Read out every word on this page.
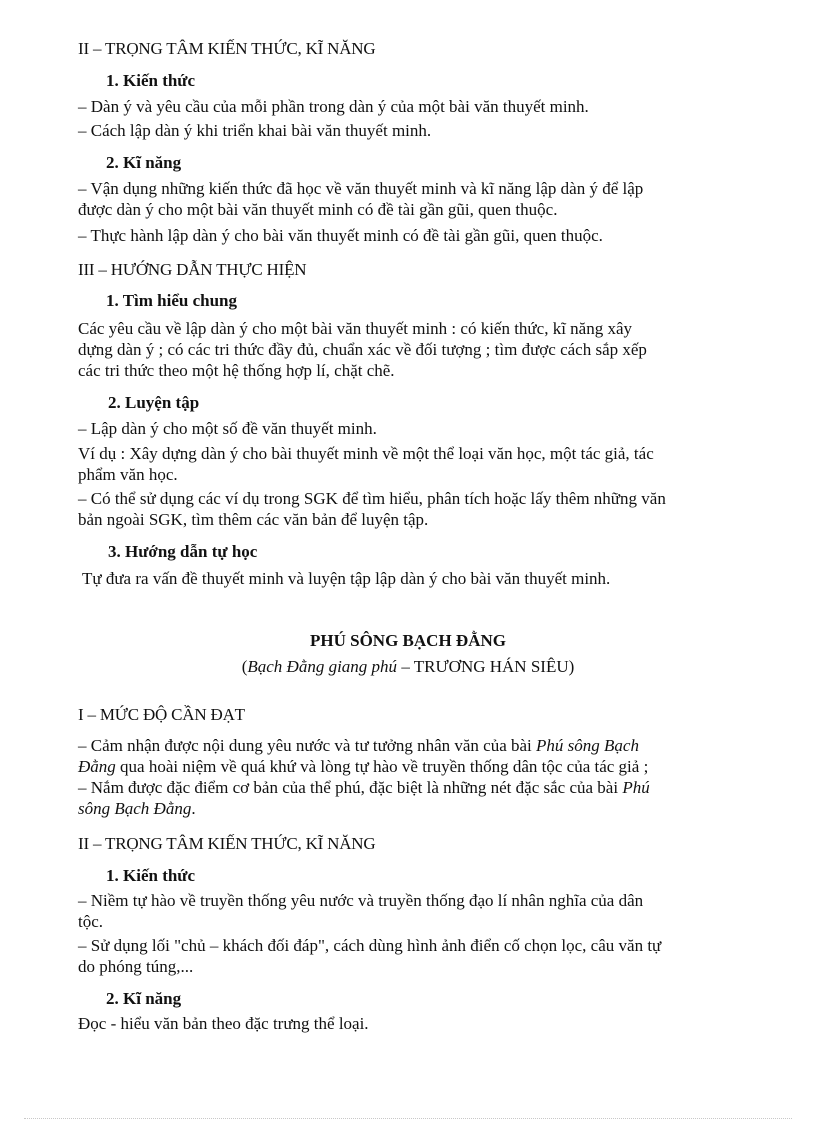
II – TRỌNG TÂM KIẾN THỨC, KĨ NĂNG
1. Kiến thức
– Dàn ý và yêu cầu của mỗi phần trong dàn ý của một bài văn thuyết minh.
– Cách lập dàn ý khi triển khai bài văn thuyết minh.
2. Kĩ năng
– Vận dụng những kiến thức đã học về văn thuyết minh và kĩ năng lập dàn ý để lập
được dàn ý cho một bài văn thuyết minh có đề tài gần gũi, quen thuộc.
– Thực hành lập dàn ý cho bài văn thuyết minh có đề tài gần gũi, quen thuộc.
III – HƯỚNG DẪN THỰC HIỆN
1. Tìm hiểu chung
Các yêu cầu về lập dàn ý cho một bài văn thuyết minh : có kiến thức, kĩ năng xây
dựng dàn ý ; có các tri thức đầy đủ, chuẩn xác về đối tượng ; tìm được cách sắp xếp
các tri thức theo một hệ thống hợp lí, chặt chẽ.
2. Luyện tập
– Lập dàn ý cho một số đề văn thuyết minh.
Ví dụ : Xây dựng dàn ý cho bài thuyết minh về một thể loại văn học, một tác giả, tác
phẩm văn học.
– Có thể sử dụng các ví dụ trong SGK để tìm hiểu, phân tích hoặc lấy thêm những văn
bản ngoài SGK, tìm thêm các văn bản để luyện tập.
3. Hướng dẫn tự học
Tự đưa ra vấn đề thuyết minh và luyện tập lập dàn ý cho bài văn thuyết minh.
PHÚ SÔNG BẠCH ĐẰNG
(Bạch Đằng giang phú – TRƯƠNG HÁN SIÊU)
I – MỨC ĐỘ CẦN ĐẠT
– Cảm nhận được nội dung yêu nước và tư tưởng nhân văn của bài Phú sông Bạch
Đằng qua hoài niệm về quá khứ và lòng tự hào về truyền thống dân tộc của tác giả ;
– Nắm được đặc điểm cơ bản của thể phú, đặc biệt là những nét đặc sắc của bài Phú
sông Bạch Đằng.
II – TRỌNG TÂM KIẾN THỨC, KĨ NĂNG
1. Kiến thức
– Niềm tự hào về truyền thống yêu nước và truyền thống đạo lí nhân nghĩa của dân
tộc.
– Sử dụng lối "chủ – khách đối đáp", cách dùng hình ảnh điển cố chọn lọc, câu văn tự
do phóng túng,...
2. Kĩ năng
Đọc - hiểu văn bản theo đặc trưng thể loại.
